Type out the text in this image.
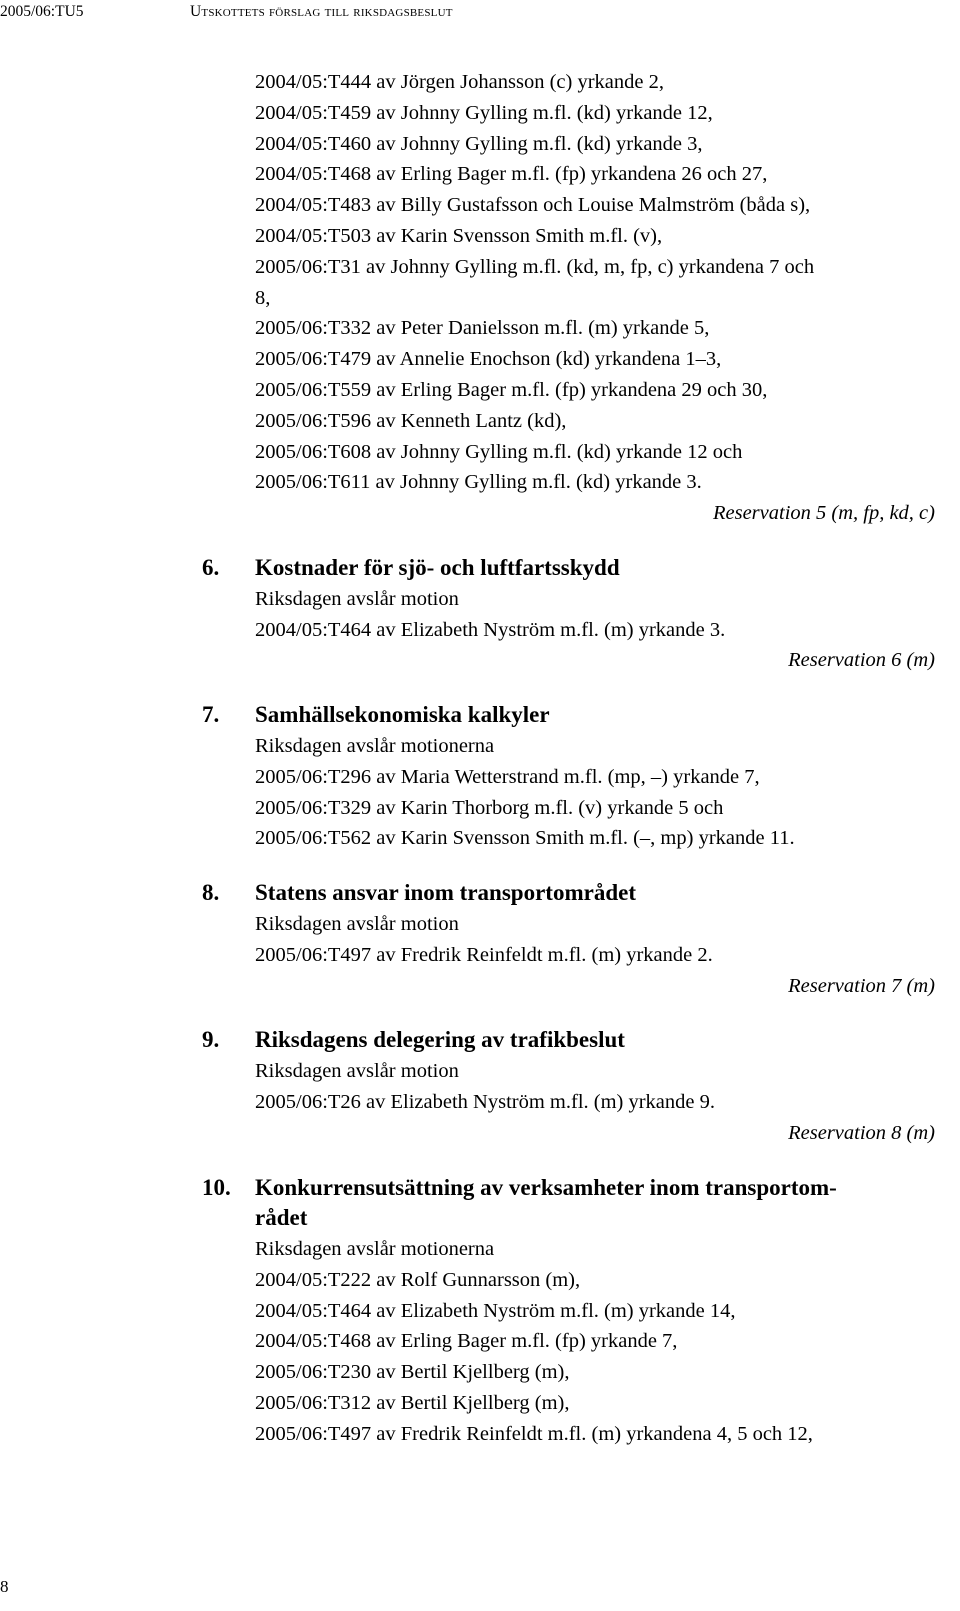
2005/06:TU5	Utskottets förslag till riksdagsbeslut
2004/05:T444 av Jörgen Johansson (c) yrkande 2,
2004/05:T459 av Johnny Gylling m.fl. (kd) yrkande 12,
2004/05:T460 av Johnny Gylling m.fl. (kd) yrkande 3,
2004/05:T468 av Erling Bager m.fl. (fp) yrkandena 26 och 27,
2004/05:T483 av Billy Gustafsson och Louise Malmström (båda s),
2004/05:T503 av Karin Svensson Smith m.fl. (v),
2005/06:T31 av Johnny Gylling m.fl. (kd, m, fp, c) yrkandena 7 och
8,
2005/06:T332 av Peter Danielsson m.fl. (m) yrkande 5,
2005/06:T479 av Annelie Enochson (kd) yrkandena 1–3,
2005/06:T559 av Erling Bager m.fl. (fp) yrkandena 29 och 30,
2005/06:T596 av Kenneth Lantz (kd),
2005/06:T608 av Johnny Gylling m.fl. (kd) yrkande 12 och
2005/06:T611 av Johnny Gylling m.fl. (kd) yrkande 3.
Reservation 5 (m, fp, kd, c)
6. Kostnader för sjö- och luftfartsskydd
Riksdagen avslår motion
2004/05:T464 av Elizabeth Nyström m.fl. (m) yrkande 3.
Reservation 6 (m)
7. Samhällsekonomiska kalkyler
Riksdagen avslår motionerna
2005/06:T296 av Maria Wetterstrand m.fl. (mp, –) yrkande 7,
2005/06:T329 av Karin Thorborg m.fl. (v) yrkande 5 och
2005/06:T562 av Karin Svensson Smith m.fl. (–, mp) yrkande 11.
8. Statens ansvar inom transportområdet
Riksdagen avslår motion
2005/06:T497 av Fredrik Reinfeldt m.fl. (m) yrkande 2.
Reservation 7 (m)
9. Riksdagens delegering av trafikbeslut
Riksdagen avslår motion
2005/06:T26 av Elizabeth Nyström m.fl. (m) yrkande 9.
Reservation 8 (m)
10. Konkurrensutsättning av verksamheter inom transportom-
rådet
Riksdagen avslår motionerna
2004/05:T222 av Rolf Gunnarsson (m),
2004/05:T464 av Elizabeth Nyström m.fl. (m) yrkande 14,
2004/05:T468 av Erling Bager m.fl. (fp) yrkande 7,
2005/06:T230 av Bertil Kjellberg (m),
2005/06:T312 av Bertil Kjellberg (m),
2005/06:T497 av Fredrik Reinfeldt m.fl. (m) yrkandena 4, 5 och 12,
8
